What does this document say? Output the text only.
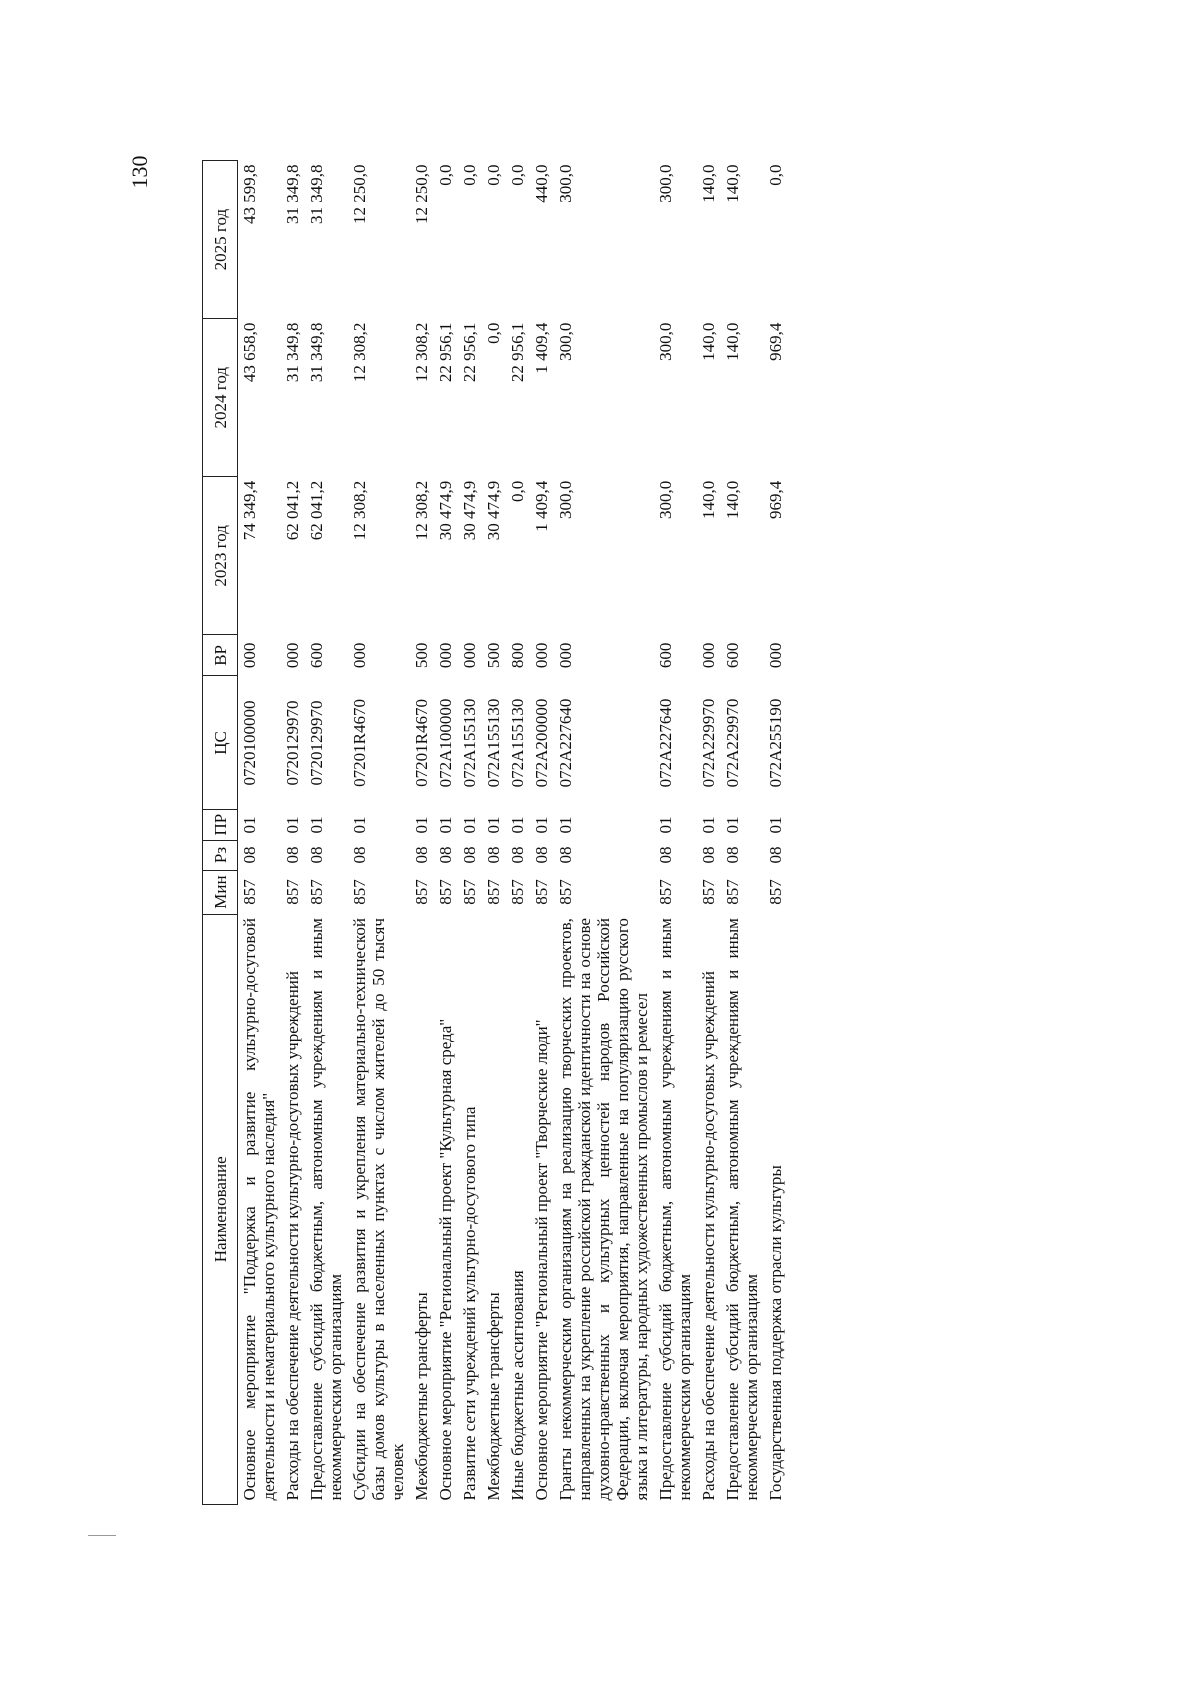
130
Наименование	Мин	Рз	ПР	ЦС	ВР	2023 год	2024 год	2025 год
Основное мероприятие "Поддержка и развитие культурно-досуговой деятельности и нематериального культурного наследия"	857	08	01	0720100000	000	74 349,4	43 658,0	43 599,8
Расходы на обеспечение деятельности культурно-досуговых учреждений	857	08	01	0720129970	000	62 041,2	31 349,8	31 349,8
Предоставление субсидий бюджетным, автономным учреждениям и иным некоммерческим организациям	857	08	01	0720129970	600	62 041,2	31 349,8	31 349,8
Субсидии на обеспечение развития и укрепления материально-технической базы домов культуры в населенных пунктах с числом жителей до 50 тысяч человек	857	08	01	07201R4670	000	12 308,2	12 308,2	12 250,0
Межбюджетные трансферты	857	08	01	07201R4670	500	12 308,2	12 308,2	12 250,0
Основное мероприятие "Региональный проект "Культурная среда"	857	08	01	072A100000	000	30 474,9	22 956,1	0,0
Развитие сети учреждений культурно-досугового типа	857	08	01	072A155130	000	30 474,9	22 956,1	0,0
Межбюджетные трансферты	857	08	01	072A155130	500	30 474,9	0,0	0,0
Иные бюджетные ассигнования	857	08	01	072A155130	800	0,0	22 956,1	0,0
Основное мероприятие "Региональный проект "Творческие люди"	857	08	01	072A200000	000	1 409,4	1 409,4	440,0
Гранты некоммерческим организациям на реализацию творческих проектов, направленных на укрепление российской гражданской идентичности на основе духовно-нравственных и культурных ценностей народов Российской Федерации, включая мероприятия, направленные на популяризацию русского языка и литературы, народных художественных промыслов и ремесел	857	08	01	072A227640	000	300,0	300,0	300,0
Предоставление субсидий бюджетным, автономным учреждениям и иным некоммерческим организациям	857	08	01	072A227640	600	300,0	300,0	300,0
Расходы на обеспечение деятельности культурно-досуговых учреждений	857	08	01	072A229970	000	140,0	140,0	140,0
Предоставление субсидий бюджетным, автономным учреждениям и иным некоммерческим организациям	857	08	01	072A229970	600	140,0	140,0	140,0
Государственная поддержка отрасли культуры	857	08	01	072A255190	000	969,4	969,4	0,0
